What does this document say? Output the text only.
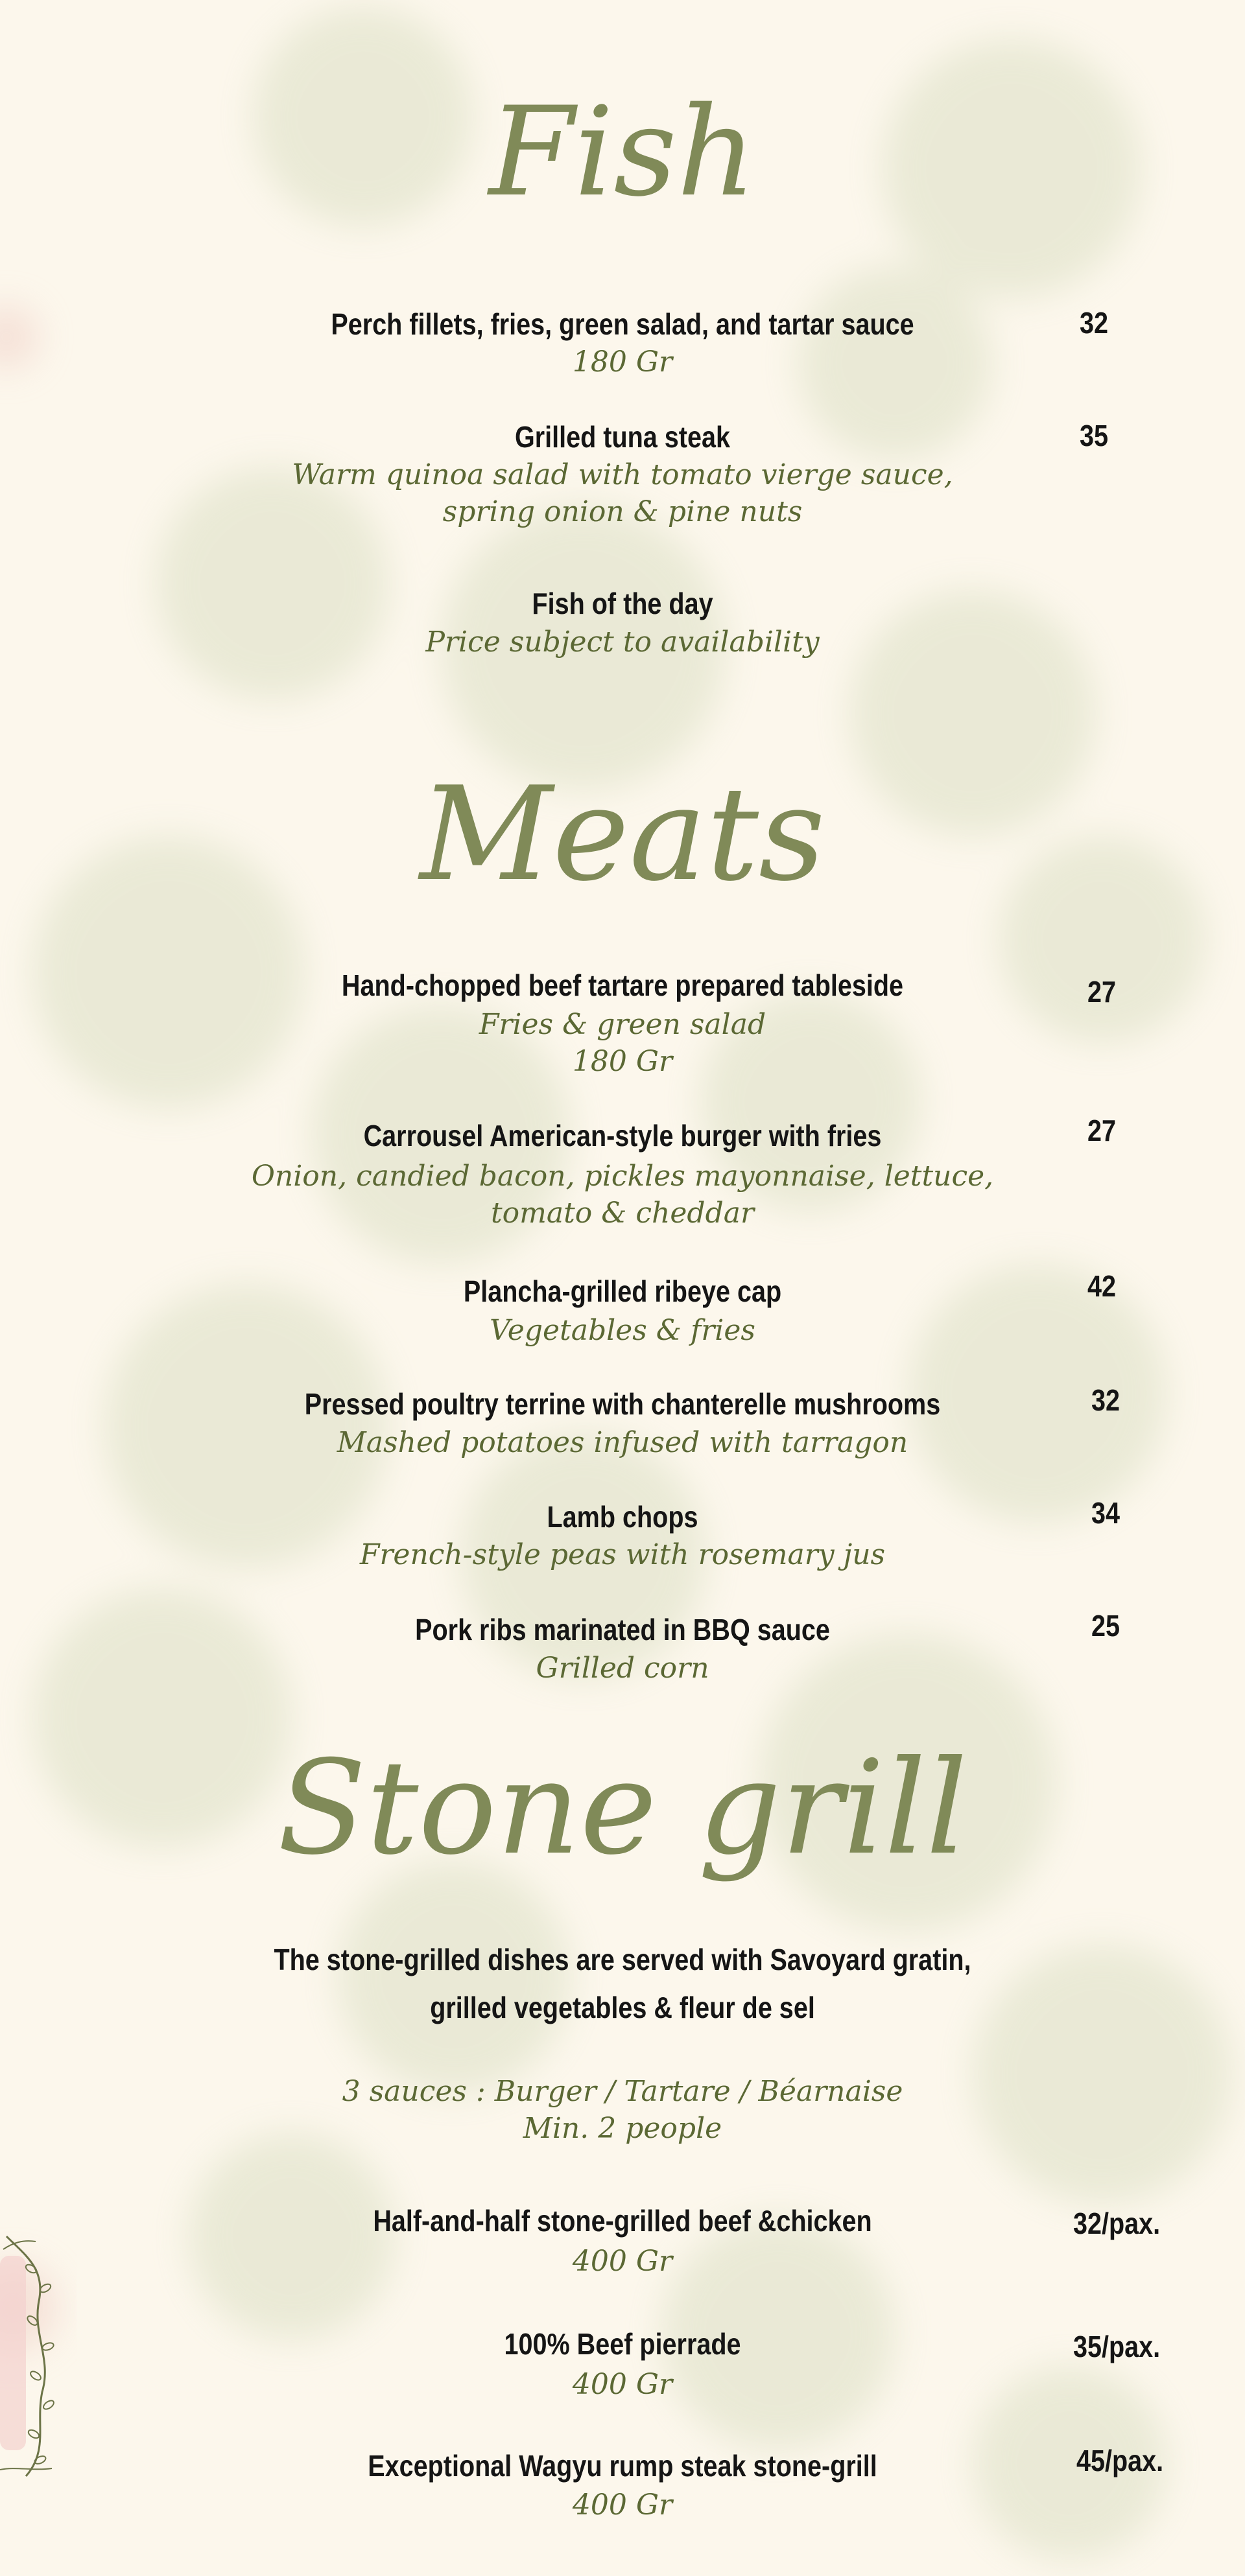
Fish
Perch fillets, fries, green salad, and tartar sauce	32
180 Gr
Grilled tuna steak	35
Warm quinoa salad with tomato vierge sauce,
spring onion & pine nuts
Fish of the day
Price subject to availability
Meats
Hand-chopped beef tartare prepared tableside	27
Fries & green salad
180 Gr
Carrousel American-style burger with fries	27
Onion, candied bacon, pickles mayonnaise, lettuce,
tomato & cheddar
Plancha-grilled ribeye cap	42
Vegetables & fries
Pressed poultry terrine with chanterelle mushrooms	32
Mashed potatoes infused with tarragon
Lamb chops	34
French-style peas with rosemary jus
Pork ribs marinated in BBQ sauce	25
Grilled corn
Stone grill
The stone-grilled dishes are served with Savoyard gratin,
grilled vegetables & fleur de sel
3 sauces : Burger / Tartare / Béarnaise
Min. 2 people
Half-and-half stone-grilled beef &chicken	32/pax.
400 Gr
100% Beef pierrade	35/pax.
400 Gr
Exceptional Wagyu rump steak stone-grill	45/pax.
400 Gr
